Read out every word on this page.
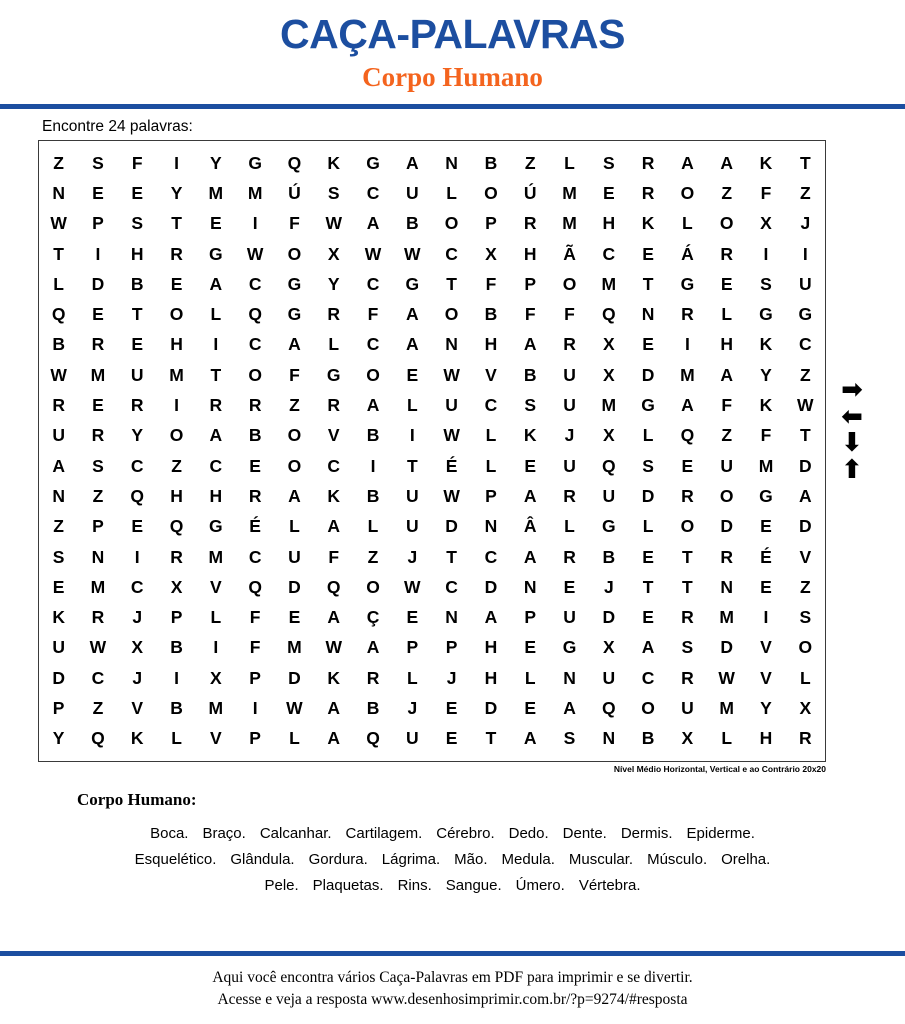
CAÇA-PALAVRAS
Corpo Humano
Encontre 24 palavras:
Z	S	F	I	Y	G	Q	K	G	A	N	B	Z	L	S	R	A	A	K	T
N	E	E	Y	M	M	Ú	S	C	U	L	O	Ú	M	E	R	O	Z	F	Z
W	P	S	T	E	I	F	W	A	B	O	P	R	M	H	K	L	O	X	J
T	I	H	R	G	W	O	X	W	W	C	X	H	Ã	C	E	Á	R	I	I
L	D	B	E	A	C	G	Y	C	G	T	F	P	O	M	T	G	E	S	U
Q	E	T	O	L	Q	G	R	F	A	O	B	F	F	Q	N	R	L	G	G
B	R	E	H	I	C	A	L	C	A	N	H	A	R	X	E	I	H	K	C
W	M	U	M	T	O	F	G	O	E	W	V	B	U	X	D	M	A	Y	Z
R	E	R	I	R	R	Z	R	A	L	U	C	S	U	M	G	A	F	K	W
U	R	Y	O	A	B	O	V	B	I	W	L	K	J	X	L	Q	Z	F	T
A	S	C	Z	C	E	O	C	I	T	É	L	E	U	Q	S	E	U	M	D
N	Z	Q	H	H	R	A	K	B	U	W	P	A	R	U	D	R	O	G	A
Z	P	E	Q	G	É	L	A	L	U	D	N	Â	L	G	L	O	D	E	D
S	N	I	R	M	C	U	F	Z	J	T	C	A	R	B	E	T	R	É	V
E	M	C	X	V	Q	D	Q	O	W	C	D	N	E	J	T	T	N	E	Z
K	R	J	P	L	F	E	A	Ç	E	N	A	P	U	D	E	R	M	I	S
U	W	X	B	I	F	M	W	A	P	P	H	E	G	X	A	S	D	V	O
D	C	J	I	X	P	D	K	R	L	J	H	L	N	U	C	R	W	V	L
P	Z	V	B	M	I	W	A	B	J	E	D	E	A	Q	O	U	M	Y	X
Y	Q	K	L	V	P	L	A	Q	U	E	T	A	S	N	B	X	L	H	R
➡
⬅
⬇
⬆
Nível Médio Horizontal, Vertical e ao Contrário 20x20
Corpo Humano:
Boca. Braço. Calcanhar. Cartilagem. Cérebro. Dedo. Dente. Dermis. Epiderme.
Esquelético. Glândula. Gordura. Lágrima. Mão. Medula. Muscular. Músculo. Orelha.
Pele. Plaquetas. Rins. Sangue. Úmero. Vértebra.
Aqui você encontra vários Caça-Palavras em PDF para imprimir e se divertir.
Acesse e veja a resposta www.desenhosimprimir.com.br/?p=9274/#resposta
